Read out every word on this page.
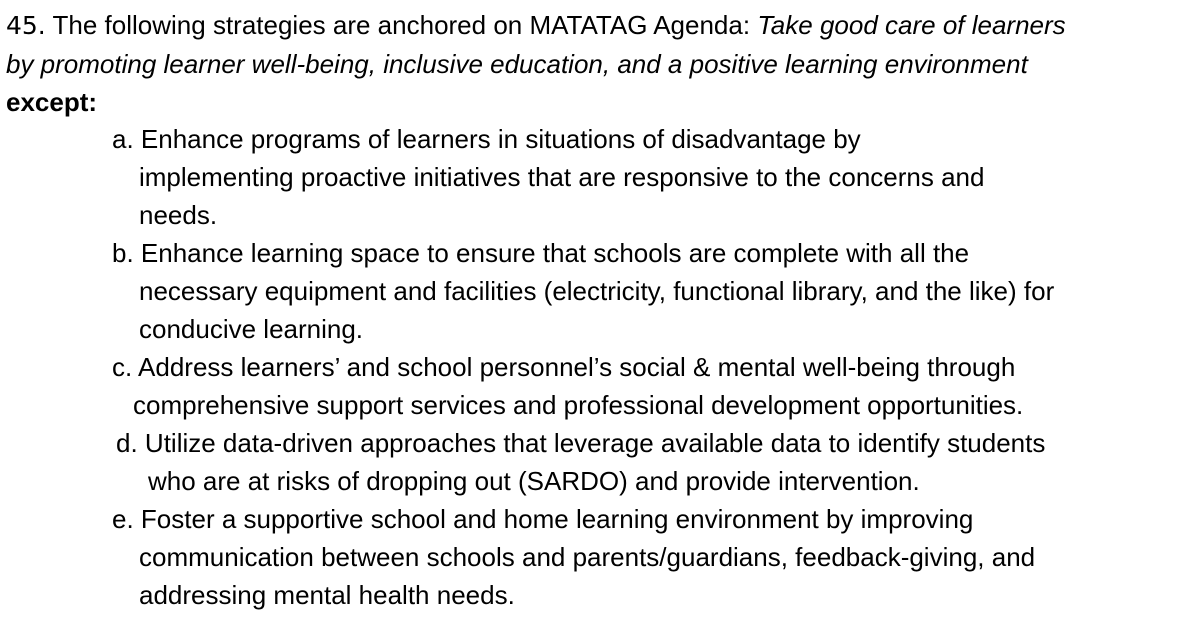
45. The following strategies are anchored on MATATAG Agenda: Take good care of learners
by promoting learner well-being, inclusive education, and a positive learning environment
except:
a. Enhance programs of learners in situations of disadvantage by
implementing proactive initiatives that are responsive to the concerns and
needs.
b. Enhance learning space to ensure that schools are complete with all the
necessary equipment and facilities (electricity, functional library, and the like) for
conducive learning.
c. Address learners’ and school personnel’s social & mental well-being through
comprehensive support services and professional development opportunities.
d. Utilize data-driven approaches that leverage available data to identify students
who are at risks of dropping out (SARDO) and provide intervention.
e. Foster a supportive school and home learning environment by improving
communication between schools and parents/guardians, feedback-giving, and
addressing mental health needs.
